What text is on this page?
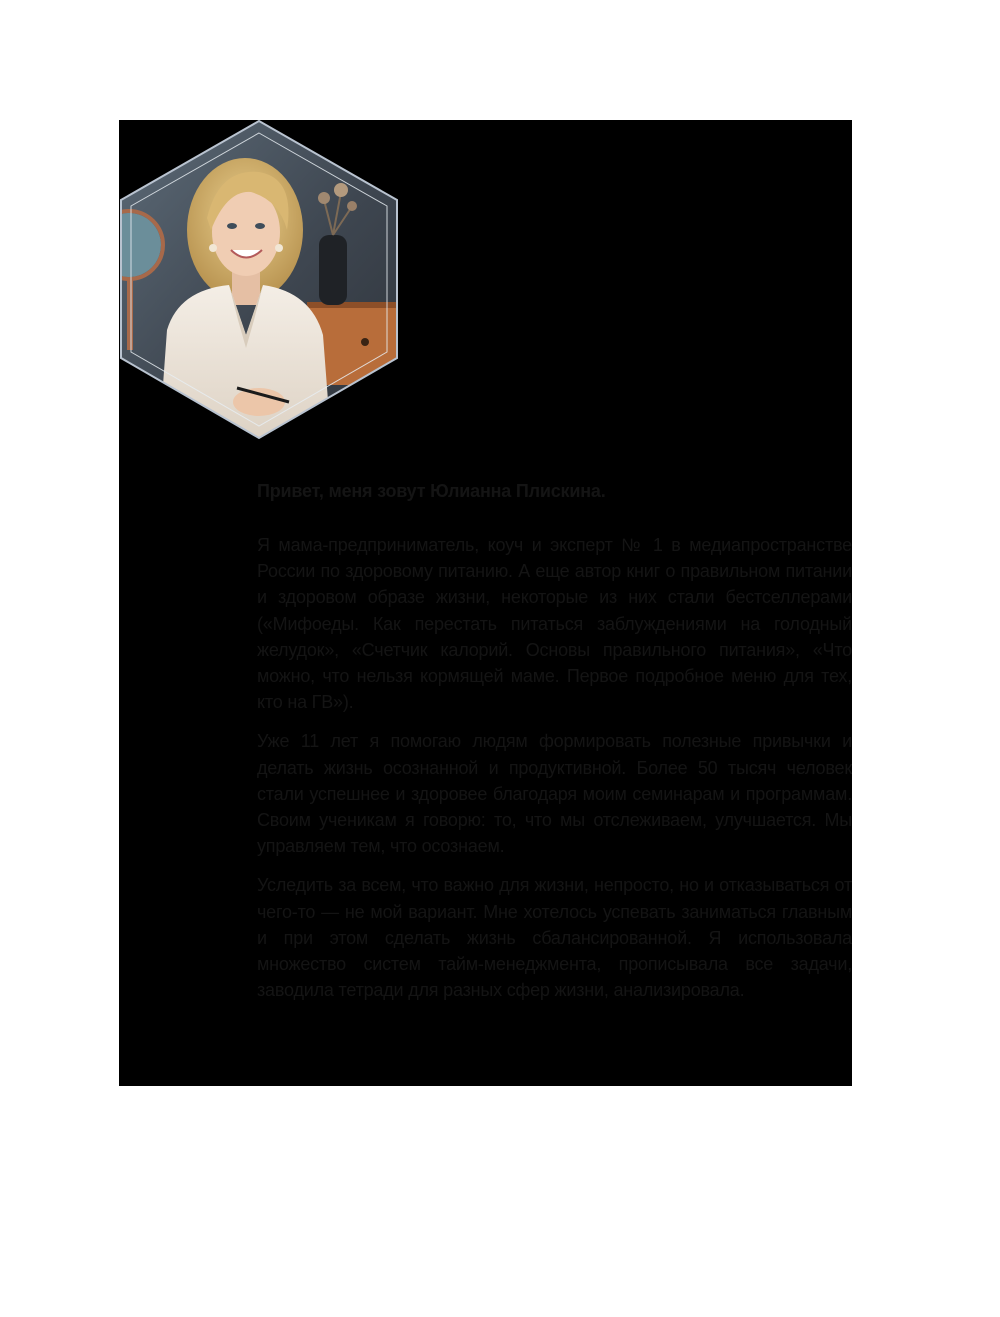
Привет, меня зовут Юлианна Плискина.

Я мама-предприниматель, коуч и эксперт № 1 в медиапространстве России по здоровому питанию. А еще автор книг о правильном питании и здоровом образе жизни, некоторые из них стали бестселлерами («Мифоеды. Как перестать питаться заблуждениями на голодный желудок», «Счетчик калорий. Основы правильного питания», «Что можно, что нельзя кормящей маме. Первое подробное меню для тех, кто на ГВ»).

Уже 11 лет я помогаю людям формировать полезные привычки и делать жизнь осознанной и продуктивной. Более 50 тысяч человек стали успешнее и здоровее благодаря моим семинарам и программам. Своим ученикам я говорю: то, что мы отслеживаем, улучшается. Мы управляем тем, что осознаем.

Уследить за всем, что важно для жизни, непросто, но и отказываться от чего-то — не мой вариант. Мне хотелось успевать заниматься главным и при этом сделать жизнь сбалансированной. Я использовала множество систем тайм-менеджмента, прописывала все задачи, заводила тетради для разных сфер жизни, анализировала.
